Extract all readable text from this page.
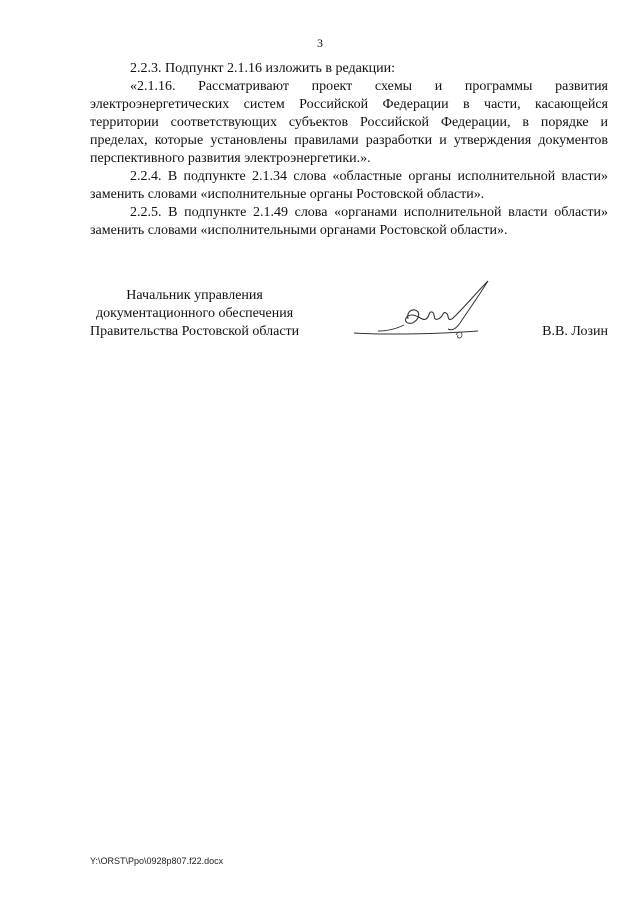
3

2.2.3. Подпункт 2.1.16 изложить в редакции:

«2.1.16. Рассматривают проект схемы и программы развития электроэнергетических систем Российской Федерации в части, касающейся территории соответствующих субъектов Российской Федерации, в порядке и пределах, которые установлены правилами разработки и утверждения документов перспективного развития электроэнергетики.».

2.2.4. В подпункте 2.1.34 слова «областные органы исполнительной власти» заменить словами «исполнительные органы Ростовской области».

2.2.5. В подпункте 2.1.49 слова «органами исполнительной власти области» заменить словами «исполнительными органами Ростовской области».

Начальник управления
документационного обеспечения
Правительства Ростовской области	В.В. Лозин
Y:\ORST\Ppo\0928p807.f22.docx
